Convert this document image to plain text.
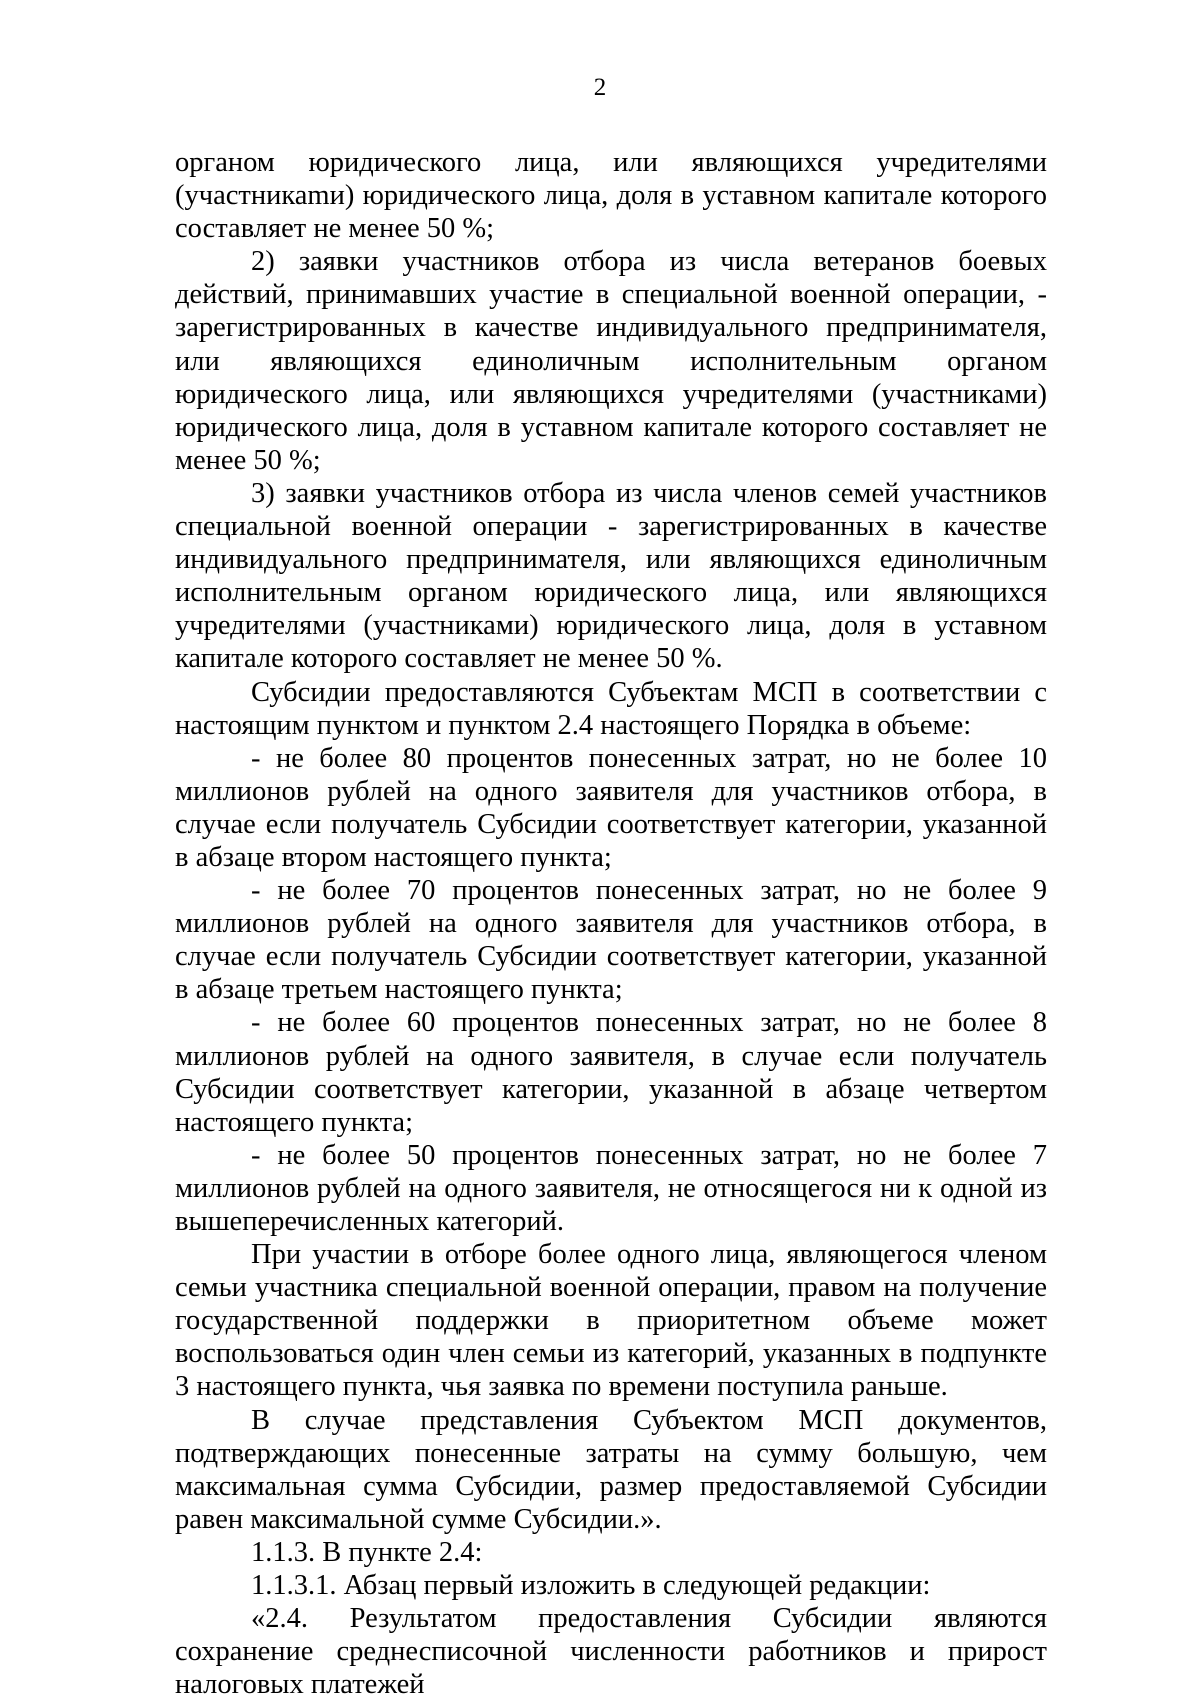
2

органом юридического лица, или являющихся учредителями (участникаmи) юридического лица, доля в уставном капитале которого составляет не менее 50 %;

2) заявки участников отбора из числа ветеранов боевых действий, принимавших участие в специальной военной операции, - зарегистрированных в качестве индивидуального предпринимателя, или являющихся единоличным исполнительным органом юридического лица, или являющихся учредителями (участниками) юридического лица, доля в уставном капитале которого составляет не менее 50 %;

3) заявки участников отбора из числа членов семей участников специальной военной операции - зарегистрированных в качестве индивидуального предпринимателя, или являющихся единоличным исполнительным органом юридического лица, или являющихся учредителями (участниками) юридического лица, доля в уставном капитале которого составляет не менее 50 %.

Субсидии предоставляются Субъектам МСП в соответствии с настоящим пунктом и пунктом 2.4 настоящего Порядка в объеме:

- не более 80 процентов понесенных затрат, но не более 10 миллионов рублей на одного заявителя для участников отбора, в случае если получатель Субсидии соответствует категории, указанной в абзаце втором настоящего пункта;

- не более 70 процентов понесенных затрат, но не более 9 миллионов рублей на одного заявителя для участников отбора, в случае если получатель Субсидии соответствует категории, указанной в абзаце третьем настоящего пункта;

- не более 60 процентов понесенных затрат, но не более 8 миллионов рублей на одного заявителя, в случае если получатель Субсидии соответствует категории, указанной в абзаце четвертом настоящего пункта;

- не более 50 процентов понесенных затрат, но не более 7 миллионов рублей на одного заявителя, не относящегося ни к одной из вышеперечисленных категорий.

При участии в отборе более одного лица, являющегося членом семьи участника специальной военной операции, правом на получение государственной поддержки в приоритетном объеме может воспользоваться один член семьи из категорий, указанных в подпункте 3 настоящего пункта, чья заявка по времени поступила раньше.

В случае представления Субъектом МСП документов, подтверждающих понесенные затраты на сумму большую, чем максимальная сумма Субсидии, размер предоставляемой Субсидии равен максимальной сумме Субсидии.».

1.1.3. В пункте 2.4:

1.1.3.1. Абзац первый изложить в следующей редакции:

«2.4. Результатом предоставления Субсидии являются сохранение среднесписочной численности работников и прирост налоговых платежей
